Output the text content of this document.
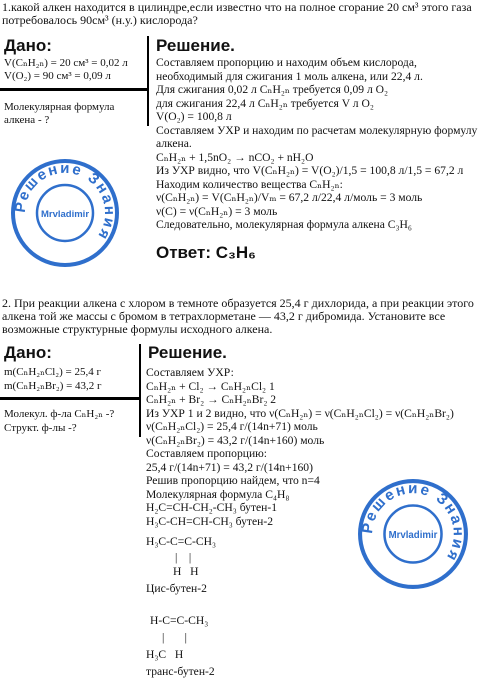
1.какой алкен находится в цилиндре,если известно что на полное сгорание 20 см³ этого газа потребовалось 90см³ (н.у.) кислорода?
Дано:	Решение.
V(CₙH₂ₙ) = 20 см³ = 0,02 л
V(O₂) = 90 см³ = 0,09 л
Молекулярная формула алкена - ?
Составляем пропорцию и находим объем кислорода,
необходимый для сжигания 1 моль алкена, или 22,4 л.
Для сжигания 0,02 л CₙH₂ₙ требуется 0,09 л O₂
для сжигания 22,4 л CₙH₂ₙ требуется V л O₂
V(O₂) = 100,8 л
Составляем УХР и находим по расчетам молекулярную формулу
алкена.
CₙH₂ₙ + 1,5nO₂ → nCO₂ + nH₂O
Из УХР видно, что V(CₙH₂ₙ) = V(O₂)/1,5 = 100,8 л/1,5 = 67,2 л
Находим количество вещества CₙH₂ₙ:
ν(CₙH₂ₙ) = V(CₙH₂ₙ)/Vₘ = 67,2 л/22,4 л/моль = 3 моль
ν(C) = ν(CₙH₂ₙ) = 3 моль
Следовательно, молекулярная формула алкена C₃H₆
Ответ: C₃H₆
Решение Знания
Mrvladimir
2. При реакции алкена с хлором в темноте образуется 25,4 г дихлорида, а при реакции этого алкена той же массы с бромом в тетрахлорметане — 43,2 г дибромида. Установите все возможные структурные формулы исходного алкена.
Дано:	Решение.
m(CₙH₂ₙCl₂) = 25,4 г
m(CₙH₂ₙBr₂) = 43,2 г
Молекул. ф-ла CₙH₂ₙ -?
Структ. ф-лы -?
Составляем УХР:
CₙH₂ₙ + Cl₂ → CₙH₂ₙCl₂ 1
CₙH₂ₙ + Br₂ → CₙH₂ₙBr₂ 2
Из УХР 1 и 2 видно, что ν(CₙH₂ₙ) = ν(CₙH₂ₙCl₂) = ν(CₙH₂ₙBr₂)
ν(CₙH₂ₙCl₂) = 25,4 г/(14n+71) моль
ν(CₙH₂ₙBr₂) = 43,2 г/(14n+160) моль
Составляем пропорцию:
25,4 г/(14n+71) = 43,2 г/(14n+160)
Решив пропорцию найдем, что n=4
Молекулярная формула C₄H₈
H₂C=CH-CH₂-CH₃ бутен-1
H₃C-CH=CH-CH₃ бутен-2
H₃C-C=C-CH₃
|    |
H   H
Цис-бутен-2
H-C=C-CH₃
|       |
H₃C   H
транс-бутен-2
Решение Знания
Mrvladimir
